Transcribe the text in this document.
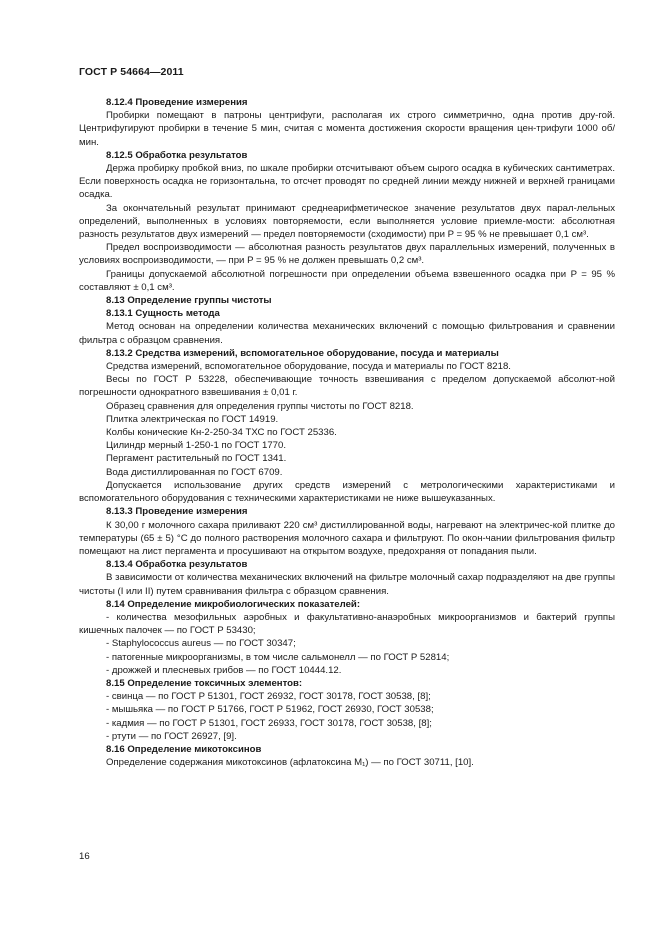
ГОСТ Р 54664—2011
8.12.4 Проведение измерения
Пробирки помещают в патроны центрифуги, располагая их строго симметрично, одна против дру-гой. Центрифугируют пробирки в течение 5 мин, считая с момента достижения скорости вращения цен-трифуги 1000 об/мин.
8.12.5 Обработка результатов
Держа пробирку пробкой вниз, по шкале пробирки отсчитывают объем сырого осадка в кубических сантиметрах. Если поверхность осадка не горизонтальна, то отсчет проводят по средней линии между нижней и верхней границами осадка.
За окончательный результат принимают среднеарифметическое значение результатов двух парал-лельных определений, выполненных в условиях повторяемости, если выполняется условие приемле-мости: абсолютная разность результатов двух измерений — предел повторяемости (сходимости) при P = 95 % не превышает 0,1 см³.
Предел воспроизводимости — абсолютная разность результатов двух параллельных измерений, полученных в условиях воспроизводимости, — при P = 95 % не должен превышать 0,2 см³.
Границы допускаемой абсолютной погрешности при определении объема взвешенного осадка при P = 95 % составляют ± 0,1 см³.
8.13 Определение группы чистоты
8.13.1 Сущность метода
Метод основан на определении количества механических включений с помощью фильтрования и сравнении фильтра с образцом сравнения.
8.13.2 Средства измерений, вспомогательное оборудование, посуда и материалы
Средства измерений, вспомогательное оборудование, посуда и материалы по ГОСТ 8218.
Весы по ГОСТ Р 53228, обеспечивающие точность взвешивания с пределом допускаемой абсолют-ной погрешности однократного взвешивания ± 0,01 г.
Образец сравнения для определения группы чистоты по ГОСТ 8218.
Плитка электрическая по ГОСТ 14919.
Колбы конические Кн-2-250-34 ТХС по ГОСТ 25336.
Цилиндр мерный 1-250-1 по ГОСТ 1770.
Пергамент растительный по ГОСТ 1341.
Вода дистиллированная по ГОСТ 6709.
Допускается использование других средств измерений с метрологическими характеристиками и вспомогательного оборудования с техническими характеристиками не ниже вышеуказанных.
8.13.3 Проведение измерения
К 30,00 г молочного сахара приливают 220 см³ дистиллированной воды, нагревают на электричес-кой плитке до температуры (65 ± 5) °С до полного растворения молочного сахара и фильтруют. По окон-чании фильтрования фильтр помещают на лист пергамента и просушивают на открытом воздухе, предохраняя от попадания пыли.
8.13.4 Обработка результатов
В зависимости от количества механических включений на фильтре молочный сахар подразделяют на две группы чистоты (I или II) путем сравнивания фильтра с образцом сравнения.
8.14 Определение микробиологических показателей:
- количества мезофильных аэробных и факультативно-анаэробных микроорганизмов и бактерий группы кишечных палочек — по ГОСТ Р 53430;
- Staphylococcus aureus — по ГОСТ 30347;
- патогенные микроорганизмы, в том числе сальмонелл — по ГОСТ Р 52814;
- дрожжей и плесневых грибов — по ГОСТ 10444.12.
8.15 Определение токсичных элементов:
- свинца — по ГОСТ Р 51301, ГОСТ 26932, ГОСТ 30178, ГОСТ 30538, [8];
- мышьяка — по ГОСТ Р 51766, ГОСТ Р 51962, ГОСТ 26930, ГОСТ 30538;
- кадмия — по ГОСТ Р 51301, ГОСТ 26933, ГОСТ 30178, ГОСТ 30538, [8];
- ртути — по ГОСТ 26927, [9].
8.16 Определение микотоксинов
Определение содержания микотоксинов (афлатоксина M₁) — по ГОСТ 30711, [10].
16
